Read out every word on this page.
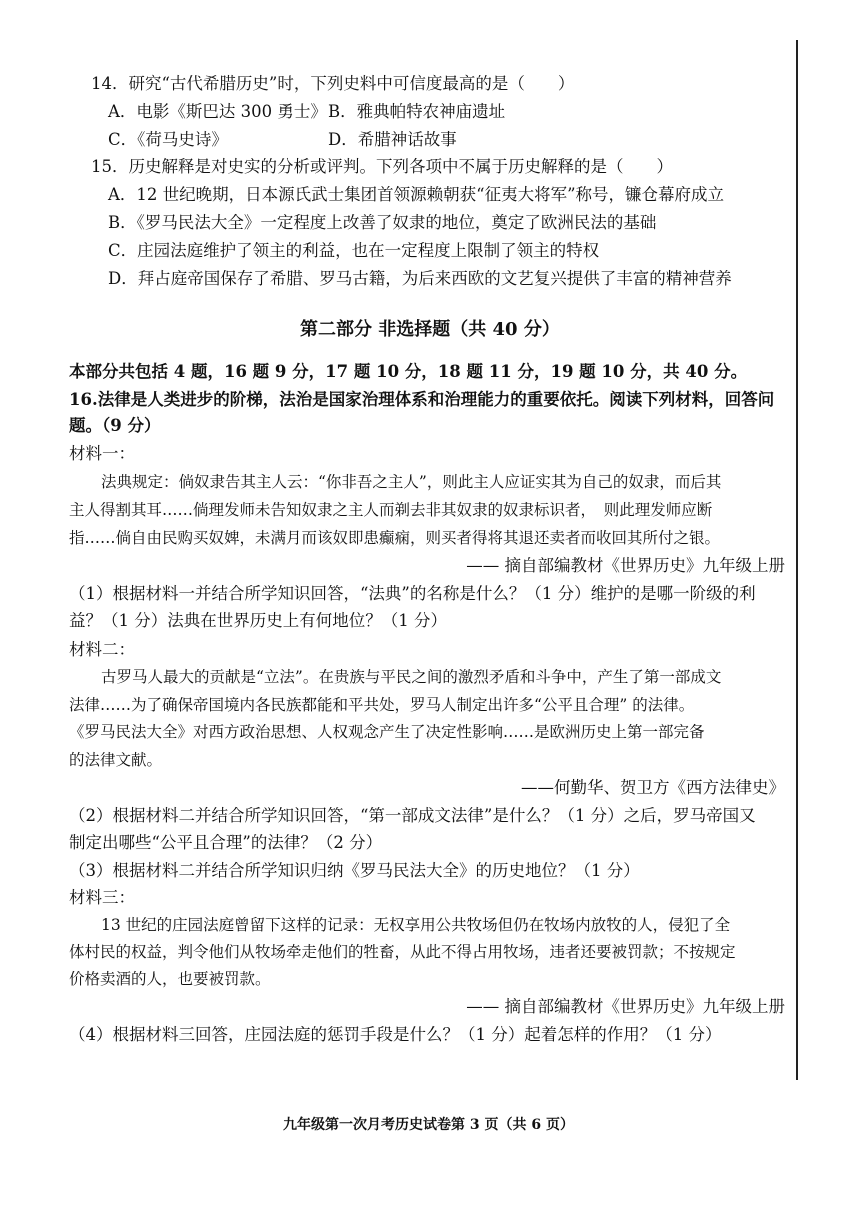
14．研究“古代希腊历史”时，下列史料中可信度最高的是（　　）
A．电影《斯巴达 300 勇士》 B．雅典帕特农神庙遗址
C．《荷马史诗》	D．希腊神话故事
15．历史解释是对史实的分析或评判。下列各项中不属于历史解释的是（　　）
A．12 世纪晚期，日本源氏武士集团首领源赖朝获“征夷大将军”称号，镰仓幕府成立
B．《罗马民法大全》一定程度上改善了奴隶的地位，奠定了欧洲民法的基础
C．庄园法庭维护了领主的利益，也在一定程度上限制了领主的特权
D．拜占庭帝国保存了希腊、罗马古籍，为后来西欧的文艺复兴提供了丰富的精神营养
第二部分 非选择题（共 40 分）
本部分共包括 4 题，16 题 9 分，17 题 10 分，18 题 11 分，19 题 10 分，共 40 分。
16.法律是人类进步的阶梯，法治是国家治理体系和治理能力的重要依托。阅读下列材料，回答问
题。（9 分）
材料一：
法典规定：倘奴隶告其主人云：“你非吾之主人”，则此主人应证实其为自己的奴隶，而后其
主人得割其耳……倘理发师未告知奴隶之主人而剃去非其奴隶的奴隶标识者，　则此理发师应断
指……倘自由民购买奴婢，未满月而该奴即患癫痫，则买者得将其退还卖者而收回其所付之银。
—— 摘自部编教材《世界历史》九年级上册
（1）根据材料一并结合所学知识回答，“法典”的名称是什么？（1 分）维护的是哪一阶级的利
益？（1 分）法典在世界历史上有何地位？（1 分）
材料二：
古罗马人最大的贡献是“立法”。在贵族与平民之间的激烈矛盾和斗争中，产生了第一部成文
法律……为了确保帝国境内各民族都能和平共处，罗马人制定出许多“公平且合理” 的法律。
《罗马民法大全》对西方政治思想、人权观念产生了决定性影响……是欧洲历史上第一部完备
的法律文献。
——何勤华、贺卫方《西方法律史》
（2）根据材料二并结合所学知识回答，“第一部成文法律”是什么？（1 分）之后，罗马帝国又
制定出哪些“公平且合理”的法律？（2 分）
（3）根据材料二并结合所学知识归纳《罗马民法大全》的历史地位？（1 分）
材料三：
13 世纪的庄园法庭曾留下这样的记录：无权享用公共牧场但仍在牧场内放牧的人，侵犯了全
体村民的权益，判令他们从牧场牵走他们的牲畜，从此不得占用牧场，违者还要被罚款；不按规定
价格卖酒的人，也要被罚款。
—— 摘自部编教材《世界历史》九年级上册
（4）根据材料三回答，庄园法庭的惩罚手段是什么？（1 分）起着怎样的作用？（1 分）
九年级第一次月考历史试卷第 3 页（共 6 页）
